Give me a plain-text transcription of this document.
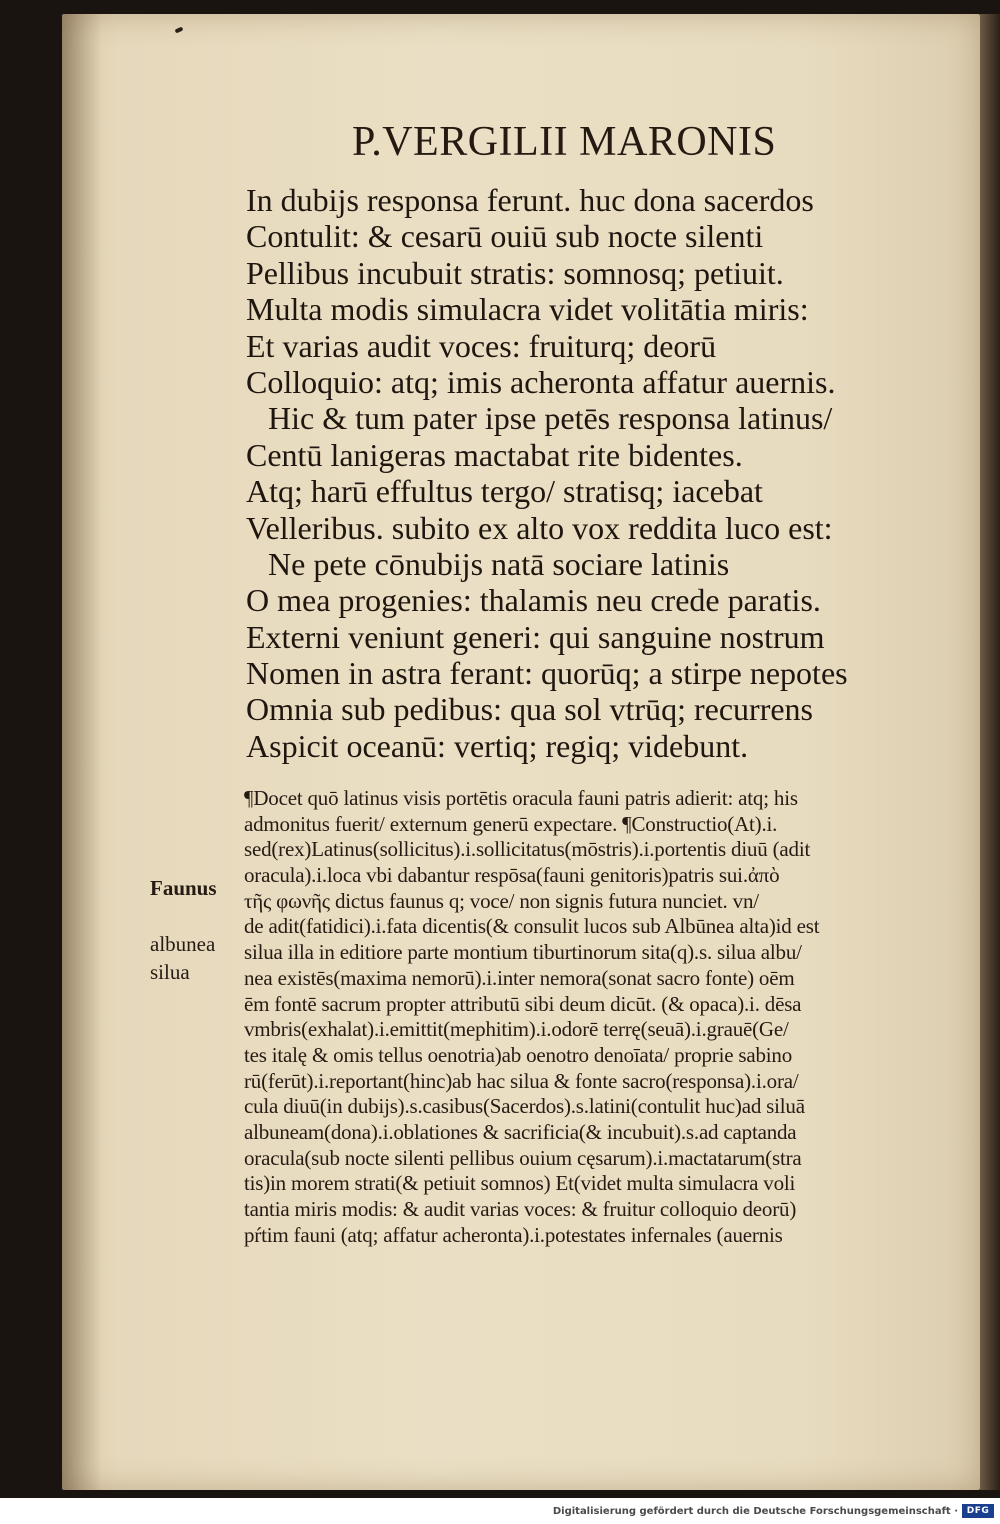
P.VERGILII MARONIS
In dubijs responsa ferunt. huc dona sacerdos
Contulit: & cesarū ouiū sub nocte silenti
Pellibus incubuit stratis: somnosq; petiuit.
Multa modis simulacra videt volitātia miris:
Et varias audit voces: fruiturq; deorū
Colloquio: atq; imis acheronta affatur auernis.
Hic & tum pater ipse petēs responsa latinus/
Centū lanigeras mactabat rite bidentes.
Atq; harū effultus tergo/ stratisq; iacebat
Velleribus. subito ex alto vox reddita luco est:
Ne pete cōnubijs natā sociare latinis
O mea progenies: thalamis neu crede paratis.
Externi veniunt generi: qui sanguine nostrum
Nomen in astra ferant: quorūq; a stirpe nepotes
Omnia sub pedibus: qua sol vtrūq; recurrens
Aspicit oceanū: vertiq; regiq; videbunt.
Faunus
albunea
silua
¶Docet quō latinus visis portētis oracula fauni patris adierit: atq; his
admonitus fuerit/ externum generū expectare. ¶Constructio(At).i.
sed(rex)Latinus(sollicitus).i.sollicitatus(mōstris).i.portentis diuū (adit
oracula).i.loca vbi dabantur respōsa(fauni genitoris)patris sui.ἀπὸ
τῆς φωνῆς dictus faunus q; voce/ non signis futura nunciet. vn/
de adit(fatidici).i.fata dicentis(& consulit lucos sub Albūnea alta)id est
silua illa in editiore parte montium tiburtinorum sita(q).s. silua albu/
nea existēs(maxima nemorū).i.inter nemora(sonat sacro fonte) oēm
ēm fontē sacrum propter attributū sibi deum dicūt. (& opaca).i. dēsa
vmbris(exhalat).i.emittit(mephitim).i.odorē terrę(seuā).i.grauē(Ge/
tes italę & omis tellus oenotria)ab oenotro denoīata/ proprie sabino
rū(ferūt).i.reportant(hinc)ab hac silua & fonte sacro(responsa).i.ora/
cula diuū(in dubijs).s.casibus(Sacerdos).s.latini(contulit huc)ad siluā
albuneam(dona).i.oblationes & sacrificia(& incubuit).s.ad captanda
oracula(sub nocte silenti pellibus ouium cęsarum).i.mactatarum(stra
tis)in morem strati(& petiuit somnos) Et(videt multa simulacra voli
tantia miris modis: & audit varias voces: & fruitur colloquio deorū)
pŕtim fauni (atq; affatur acheronta).i.potestates infernales (auernis
Digitalisierung gefördert durch die Deutsche Forschungsgemeinschaft · DFG
